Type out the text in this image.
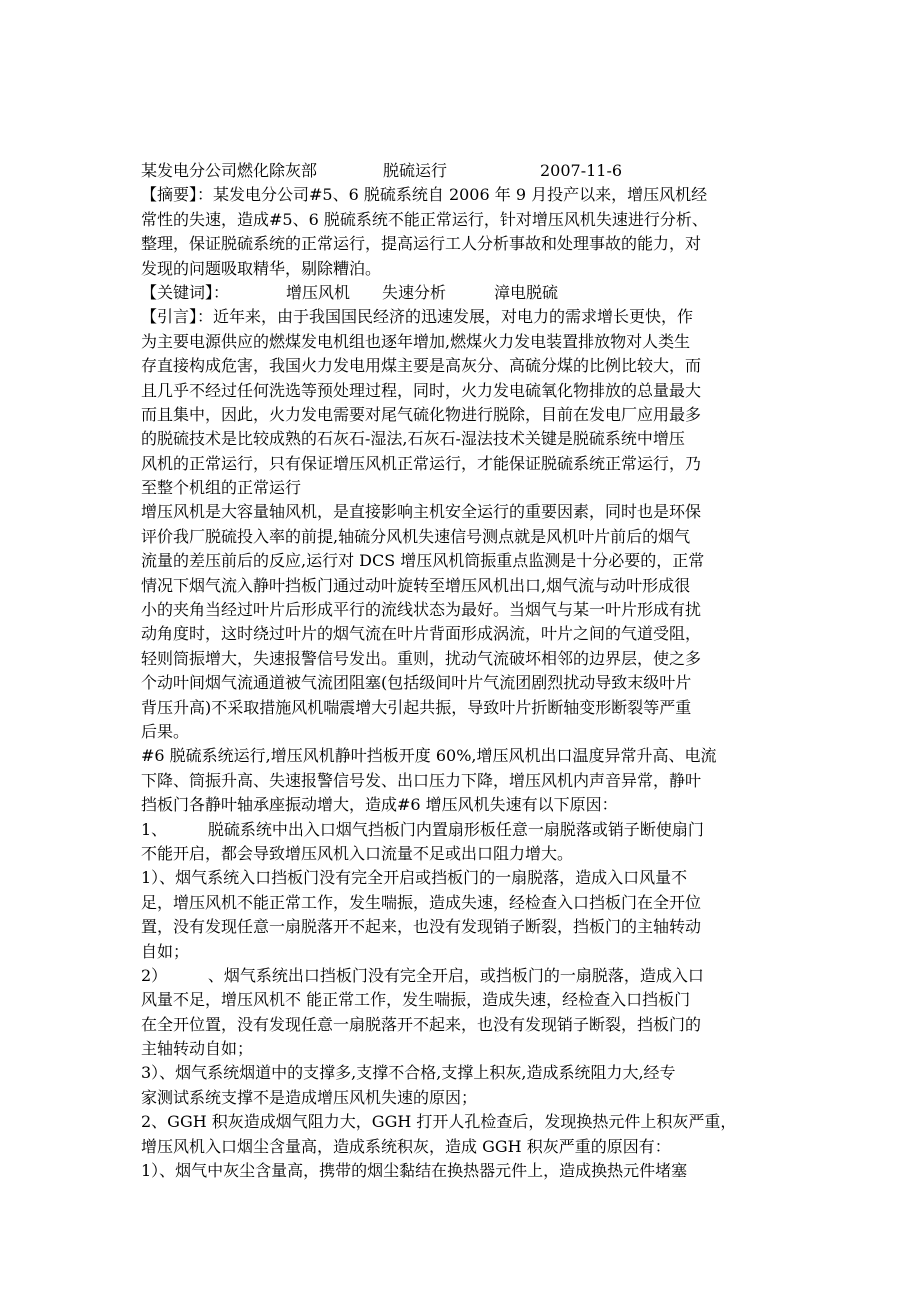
某发电分公司燃化除灰部	脱硫运行	2007-11-6
【摘要】：某发电分公司#5、6 脱硫系统自 2006 年 9 月投产以来，增压风机经
常性的失速，造成#5、6 脱硫系统不能正常运行，针对增压风机失速进行分析、
整理，保证脱硫系统的正常运行，提高运行工人分析事故和处理事故的能力，对
发现的问题吸取精华，剔除糟泊。
【关键词】：	增压风机 失速分析	漳电脱硫
【引言】：近年来，由于我国国民经济的迅速发展，对电力的需求增长更快，作
为主要电源供应的燃煤发电机组也逐年增加,燃煤火力发电装置排放物对人类生
存直接构成危害，我国火力发电用煤主要是高灰分、高硫分煤的比例比较大，而
且几乎不经过任何洗选等预处理过程，同时，火力发电硫氧化物排放的总量最大
而且集中，因此，火力发电需要对尾气硫化物进行脱除，目前在发电厂应用最多
的脱硫技术是比较成熟的石灰石-湿法,石灰石-湿法技术关键是脱硫系统中增压
风机的正常运行，只有保证增压风机正常运行，才能保证脱硫系统正常运行，乃
至整个机组的正常运行
增压风机是大容量轴风机，是直接影响主机安全运行的重要因素，同时也是环保
评价我厂脱硫投入率的前提,轴硫分风机失速信号测点就是风机叶片前后的烟气
流量的差压前后的反应,运行对 DCS 增压风机筒振重点监测是十分必要的，正常
情况下烟气流入静叶挡板门通过动叶旋转至增压风机出口,烟气流与动叶形成很
小的夹角当经过叶片后形成平行的流线状态为最好。当烟气与某一叶片形成有扰
动角度时，这时绕过叶片的烟气流在叶片背面形成涡流，叶片之间的气道受阻，
轻则筒振增大，失速报警信号发出。重则，扰动气流破坏相邻的边界层，使之多
个动叶间烟气流通道被气流团阻塞(包括级间叶片气流团剧烈扰动导致末级叶片
背压升高)不采取措施风机喘震增大引起共振，导致叶片折断轴变形断裂等严重
后果。
#6 脱硫系统运行,增压风机静叶挡板开度 60%,增压风机出口温度异常升高、电流
下降、筒振升高、失速报警信号发、出口压力下降，增压风机内声音异常，静叶
挡板门各静叶轴承座振动增大，造成#6 增压风机失速有以下原因：
1、        脱硫系统中出入口烟气挡板门内置扇形板任意一扇脱落或销子断使扇门
不能开启，都会导致增压风机入口流量不足或出口阻力增大。
1）、烟气系统入口挡板门没有完全开启或挡板门的一扇脱落，造成入口风量不
足，增压风机不能正常工作，发生喘振，造成失速，经检查入口挡板门在全开位
置，没有发现任意一扇脱落开不起来，也没有发现销子断裂，挡板门的主轴转动
自如；
2）        、烟气系统出口挡板门没有完全开启，或挡板门的一扇脱落，造成入口
风量不足，增压风机不 能正常工作，发生喘振，造成失速，经检查入口挡板门
在全开位置，没有发现任意一扇脱落开不起来，也没有发现销子断裂，挡板门的
主轴转动自如；
3）、烟气系统烟道中的支撑多,支撑不合格,支撑上积灰,造成系统阻力大,经专
家测试系统支撑不是造成增压风机失速的原因；
2、GGH 积灰造成烟气阻力大，GGH 打开人孔检查后，发现换热元件上积灰严重，
增压风机入口烟尘含量高，造成系统积灰，造成 GGH 积灰严重的原因有：
1）、烟气中灰尘含量高，携带的烟尘黏结在换热器元件上，造成换热元件堵塞
